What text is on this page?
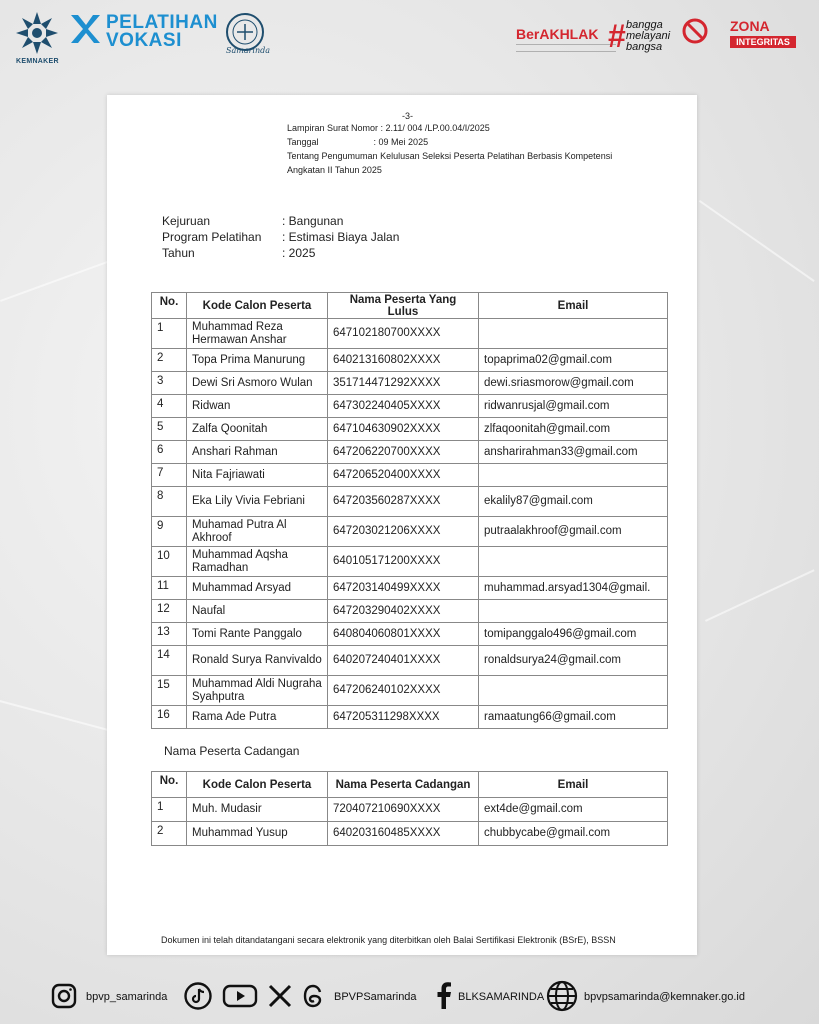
KEMNAKER
PELATIHAN
VOKASI	Samarinda
BerAKHLAK # bangga
melayani
bangsa
ZONA
INTEGRITAS
-3-
Lampiran Surat Nomor : 2.11/ 004 /LP.00.04/I/2025
Tanggal                      : 09 Mei 2025
Tentang Pengumuman Kelulusan Seleksi Peserta Pelatihan Berbasis Kompetensi
Angkatan II Tahun 2025
Kejuruan	: Bangunan
Program Pelatihan	: Estimasi Biaya Jalan
Tahun	: 2025
No.	Kode Calon Peserta	Nama Peserta Yang Lulus	Email
1	Muhammad Reza Hermawan Anshar	647102180700XXXX	
2	Topa Prima Manurung	640213160802XXXX	topaprima02@gmail.com
3	Dewi Sri Asmoro Wulan	351714471292XXXX	dewi.sriasmorow@gmail.com
4	Ridwan	647302240405XXXX	ridwanrusjal@gmail.com
5	Zalfa Qoonitah	647104630902XXXX	zlfaqoonitah@gmail.com
6	Anshari Rahman	647206220700XXXX	ansharirahman33@gmail.com
7	Nita Fajriawati	647206520400XXXX	
8	Eka Lily Vivia Febriani	647203560287XXXX	ekalily87@gmail.com
9	Muhamad Putra Al Akhroof	647203021206XXXX	putraalakhroof@gmail.com
10	Muhammad Aqsha Ramadhan	640105171200XXXX	
11	Muhammad Arsyad	647203140499XXXX	muhammad.arsyad1304@gmail.
12	Naufal	647203290402XXXX	
13	Tomi Rante Panggalo	640804060801XXXX	tomipanggalo496@gmail.com
14	Ronald Surya Ranvivaldo	640207240401XXXX	ronaldsurya24@gmail.com
15	Muhammad Aldi Nugraha Syahputra	647206240102XXXX	
16	Rama Ade Putra	647205311298XXXX	ramaatung66@gmail.com
Nama Peserta Cadangan
No.	Kode Calon Peserta	Nama Peserta Cadangan	Email
1	Muh. Mudasir	720407210690XXXX	ext4de@gmail.com
2	Muhammad Yusup	640203160485XXXX	chubbycabe@gmail.com
Dokumen ini telah ditandatangani secara elektronik yang diterbitkan oleh Balai Sertifikasi Elektronik (BSrE), BSSN
bpvp_samarinda	BPVPSamarinda	BLKSAMARINDA	bpvpsamarinda@kemnaker.go.id
